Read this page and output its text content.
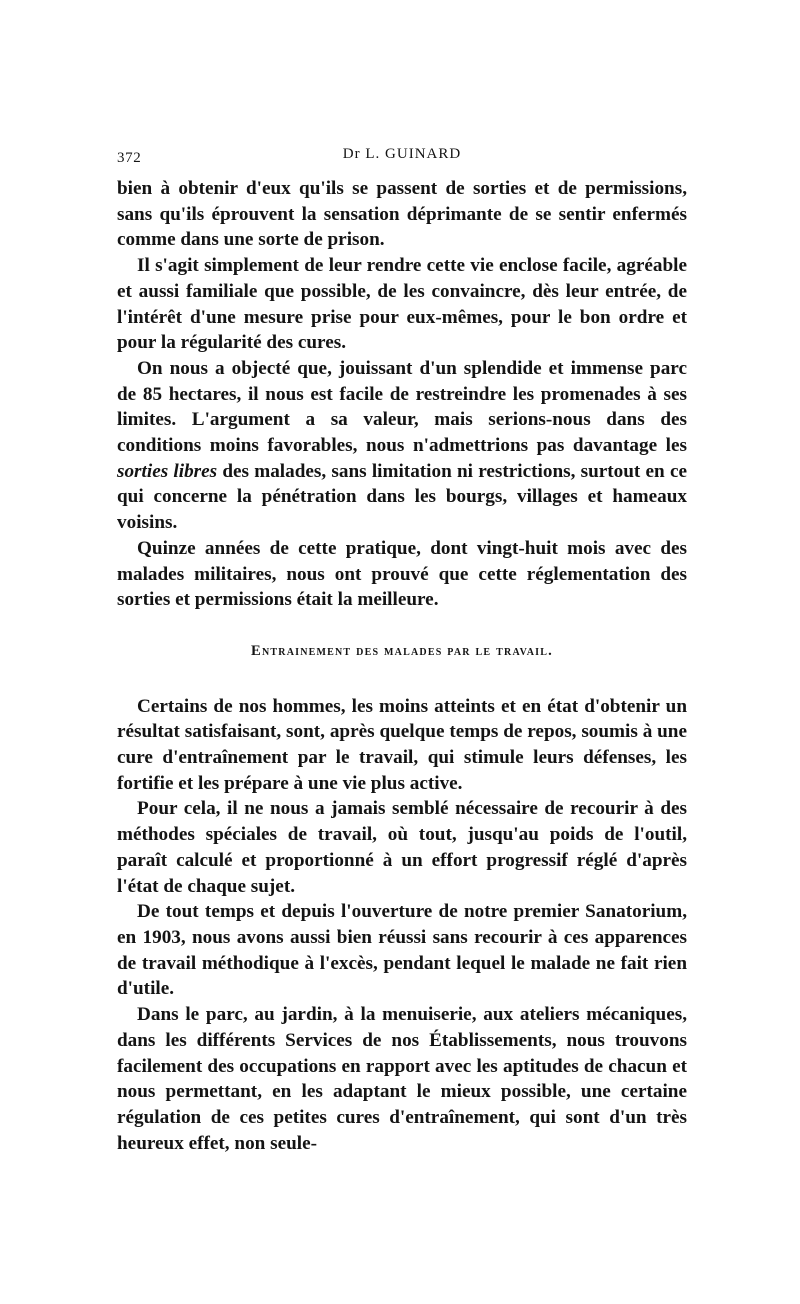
372	Dr L. GUINARD

bien à obtenir d'eux qu'ils se passent de sorties et de permissions, sans qu'ils éprouvent la sensation déprimante de se sentir enfermés comme dans une sorte de prison.

Il s'agit simplement de leur rendre cette vie enclose facile, agréable et aussi familiale que possible, de les convaincre, dès leur entrée, de l'intérêt d'une mesure prise pour eux-mêmes, pour le bon ordre et pour la régularité des cures.

On nous a objecté que, jouissant d'un splendide et immense parc de 85 hectares, il nous est facile de restreindre les promenades à ses limites. L'argument a sa valeur, mais serions-nous dans des conditions moins favorables, nous n'admettrions pas davantage les sorties libres des malades, sans limitation ni restrictions, surtout en ce qui concerne la pénétration dans les bourgs, villages et hameaux voisins.

Quinze années de cette pratique, dont vingt-huit mois avec des malades militaires, nous ont prouvé que cette réglementation des sorties et permissions était la meilleure.

Entrainement des malades par le travail.

Certains de nos hommes, les moins atteints et en état d'obtenir un résultat satisfaisant, sont, après quelque temps de repos, soumis à une cure d'entraînement par le travail, qui stimule leurs défenses, les fortifie et les prépare à une vie plus active.

Pour cela, il ne nous a jamais semblé nécessaire de recourir à des méthodes spéciales de travail, où tout, jusqu'au poids de l'outil, paraît calculé et proportionné à un effort progressif réglé d'après l'état de chaque sujet.

De tout temps et depuis l'ouverture de notre premier Sanatorium, en 1903, nous avons aussi bien réussi sans recourir à ces apparences de travail méthodique à l'excès, pendant lequel le malade ne fait rien d'utile.

Dans le parc, au jardin, à la menuiserie, aux ateliers mécaniques, dans les différents Services de nos Établissements, nous trouvons facilement des occupations en rapport avec les aptitudes de chacun et nous permettant, en les adaptant le mieux possible, une certaine régulation de ces petites cures d'entraînement, qui sont d'un très heureux effet, non seule-
